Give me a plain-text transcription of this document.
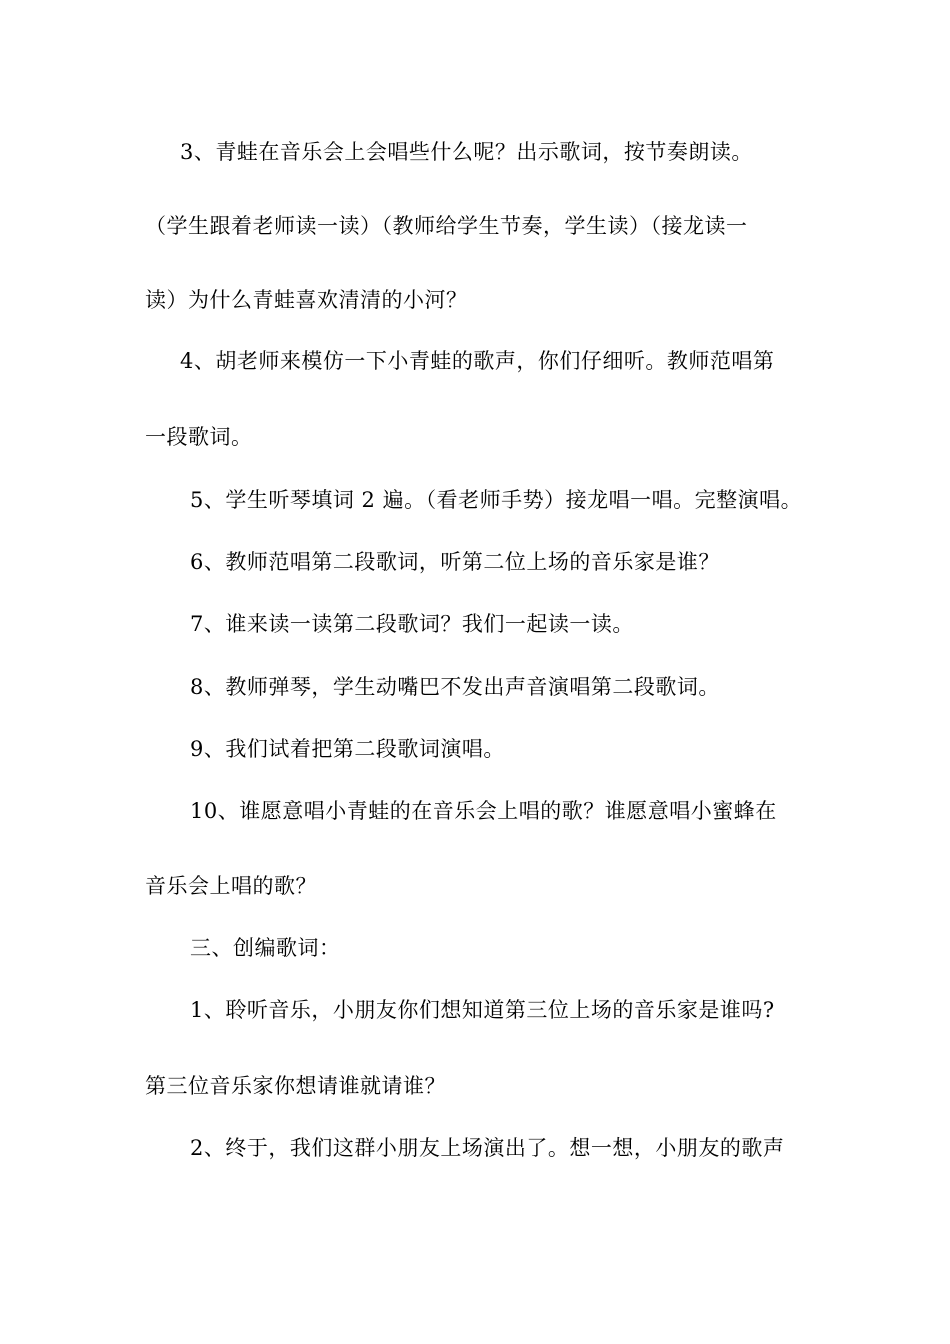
3、青蛙在音乐会上会唱些什么呢？出示歌词，按节奏朗读。
（学生跟着老师读一读）（教师给学生节奏，学生读）（接龙读一
读）为什么青蛙喜欢清清的小河？
4、胡老师来模仿一下小青蛙的歌声，你们仔细听。教师范唱第
一段歌词。
5、学生听琴填词 2 遍。（看老师手势）接龙唱一唱。完整演唱。
6、教师范唱第二段歌词，听第二位上场的音乐家是谁？
7、谁来读一读第二段歌词？我们一起读一读。
8、教师弹琴，学生动嘴巴不发出声音演唱第二段歌词。
9、我们试着把第二段歌词演唱。
10、谁愿意唱小青蛙的在音乐会上唱的歌？谁愿意唱小蜜蜂在
音乐会上唱的歌？
三、创编歌词：
1、聆听音乐，小朋友你们想知道第三位上场的音乐家是谁吗?
第三位音乐家你想请谁就请谁？
2、终于，我们这群小朋友上场演出了。想一想，小朋友的歌声
